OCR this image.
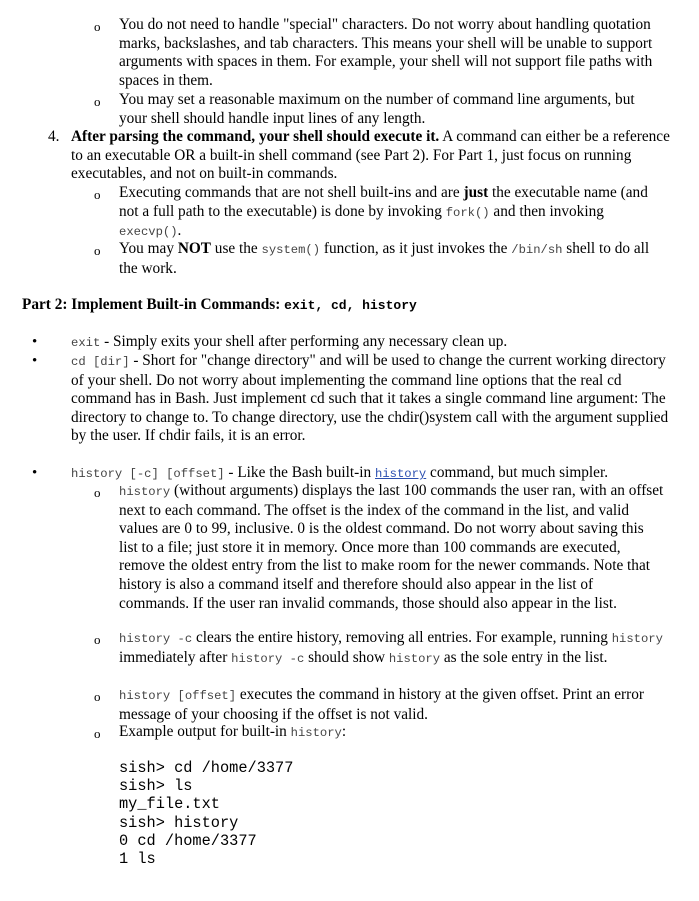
o You do not need to handle "special" characters. Do not worry about handling quotation marks, backslashes, and tab characters. This means your shell will be unable to support arguments with spaces in them. For example, your shell will not support file paths with spaces in them.
o You may set a reasonable maximum on the number of command line arguments, but your shell should handle input lines of any length.
4. After parsing the command, your shell should execute it. A command can either be a reference to an executable OR a built-in shell command (see Part 2). For Part 1, just focus on running executables, and not on built-in commands.
o Executing commands that are not shell built-ins and are just the executable name (and not a full path to the executable) is done by invoking fork() and then invoking execvp().
o You may NOT use the system() function, as it just invokes the /bin/sh shell to do all the work.
Part 2: Implement Built-in Commands: exit, cd, history
•	exit - Simply exits your shell after performing any necessary clean up.
•	cd [dir] - Short for "change directory" and will be used to change the current working directory of your shell. Do not worry about implementing the command line options that the real cd command has in Bash. Just implement cd such that it takes a single command line argument: The directory to change to. To change directory, use the chdir()system call with the argument supplied by the user. If chdir fails, it is an error.
•	history [-c] [offset] - Like the Bash built-in history command, but much simpler.
o history (without arguments) displays the last 100 commands the user ran, with an offset next to each command. The offset is the index of the command in the list, and valid values are 0 to 99, inclusive. 0 is the oldest command. Do not worry about saving this list to a file; just store it in memory. Once more than 100 commands are executed, remove the oldest entry from the list to make room for the newer commands. Note that history is also a command itself and therefore should also appear in the list of commands. If the user ran invalid commands, those should also appear in the list.
o history -c clears the entire history, removing all entries. For example, running history immediately after history -c should show history as the sole entry in the list.
o history [offset] executes the command in history at the given offset. Print an error message of your choosing if the offset is not valid.
o Example output for built-in history:
sish> cd /home/3377
sish> ls
my_file.txt
sish> history
0 cd /home/3377
1 ls
